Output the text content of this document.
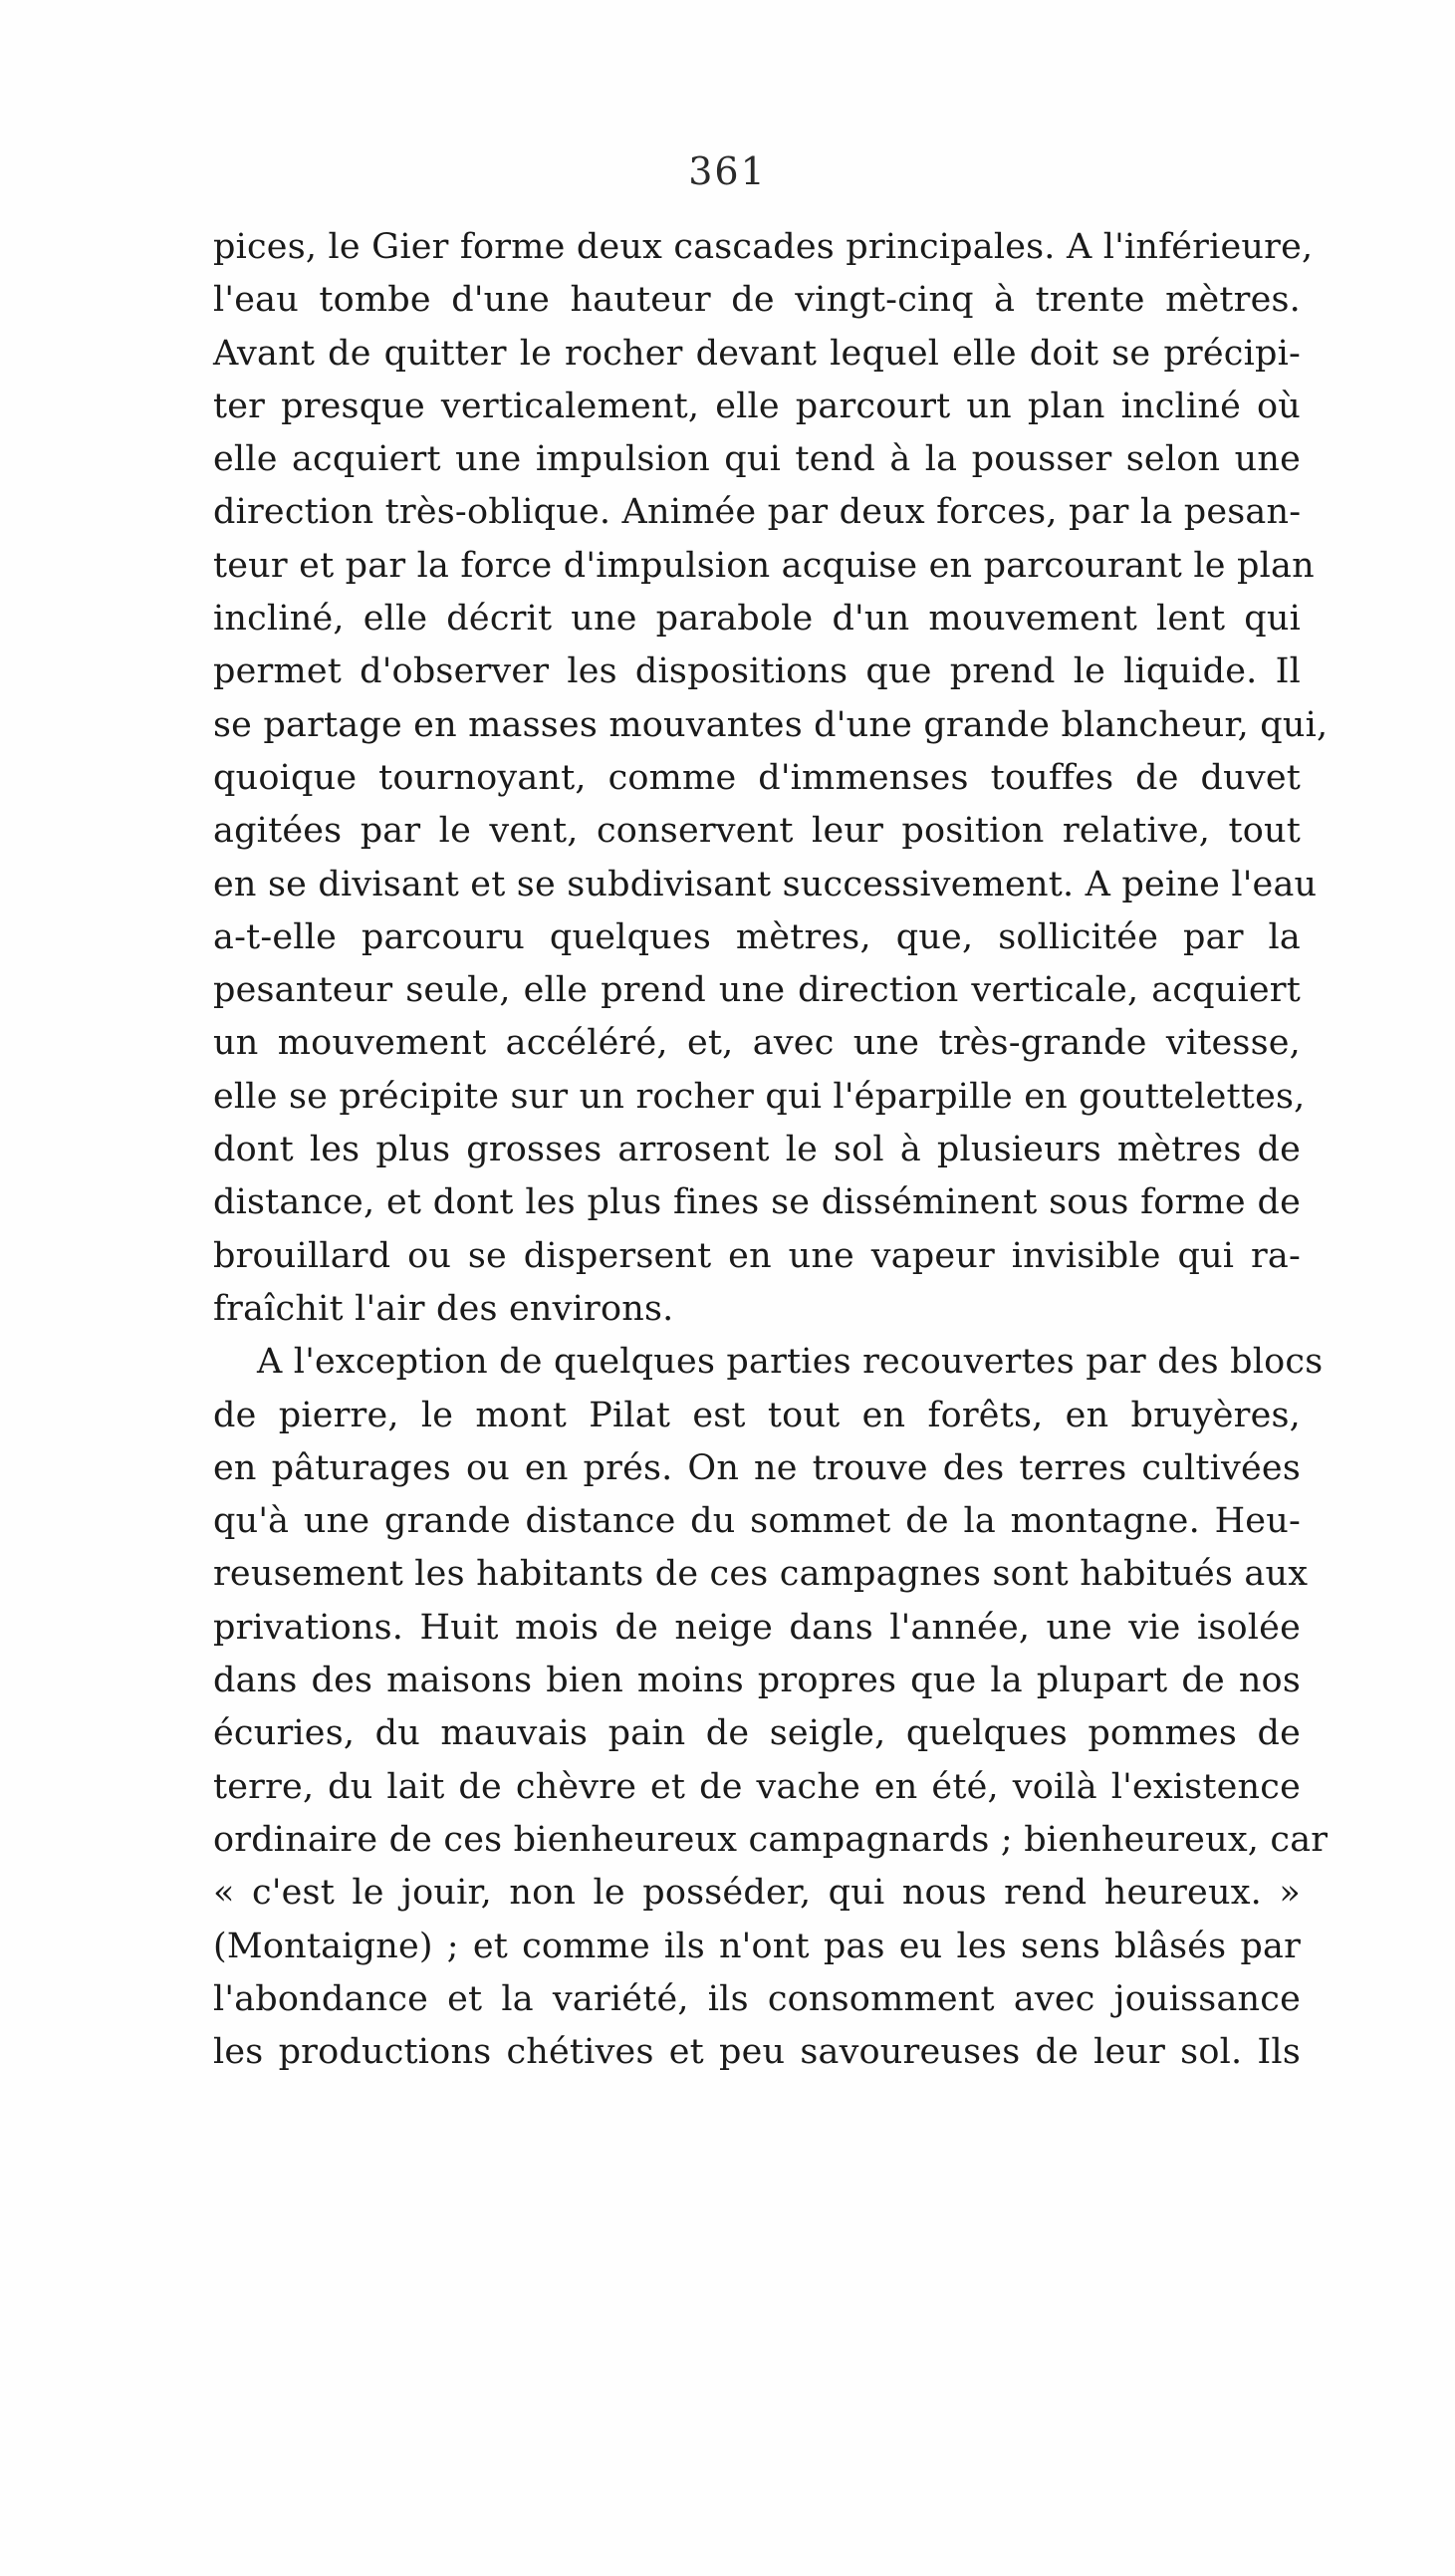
361
pices, le Gier forme deux cascades principales. A l'inférieure,
l'eau tombe d'une hauteur de vingt-cinq à trente mètres.
Avant de quitter le rocher devant lequel elle doit se précipi-
ter presque verticalement, elle parcourt un plan incliné où
elle acquiert une impulsion qui tend à la pousser selon une
direction très-oblique. Animée par deux forces, par la pesan-
teur et par la force d'impulsion acquise en parcourant le plan
incliné, elle décrit une parabole d'un mouvement lent qui
permet d'observer les dispositions que prend le liquide. Il
se partage en masses mouvantes d'une grande blancheur, qui,
quoique tournoyant, comme d'immenses touffes de duvet
agitées par le vent, conservent leur position relative, tout
en se divisant et se subdivisant successivement. A peine l'eau
a-t-elle parcouru quelques mètres, que, sollicitée par la
pesanteur seule, elle prend une direction verticale, acquiert
un mouvement accéléré, et, avec une très-grande vitesse,
elle se précipite sur un rocher qui l'éparpille en gouttelettes,
dont les plus grosses arrosent le sol à plusieurs mètres de
distance, et dont les plus fines se disséminent sous forme de
brouillard ou se dispersent en une vapeur invisible qui ra-
fraîchit l'air des environs.
A l'exception de quelques parties recouvertes par des blocs
de pierre, le mont Pilat est tout en forêts, en bruyères,
en pâturages ou en prés. On ne trouve des terres cultivées
qu'à une grande distance du sommet de la montagne. Heu-
reusement les habitants de ces campagnes sont habitués aux
privations. Huit mois de neige dans l'année, une vie isolée
dans des maisons bien moins propres que la plupart de nos
écuries, du mauvais pain de seigle, quelques pommes de
terre, du lait de chèvre et de vache en été, voilà l'existence
ordinaire de ces bienheureux campagnards ; bienheureux, car
« c'est le jouir, non le posséder, qui nous rend heureux. »
(Montaigne) ; et comme ils n'ont pas eu les sens blâsés par
l'abondance et la variété, ils consomment avec jouissance
les productions chétives et peu savoureuses de leur sol. Ils
